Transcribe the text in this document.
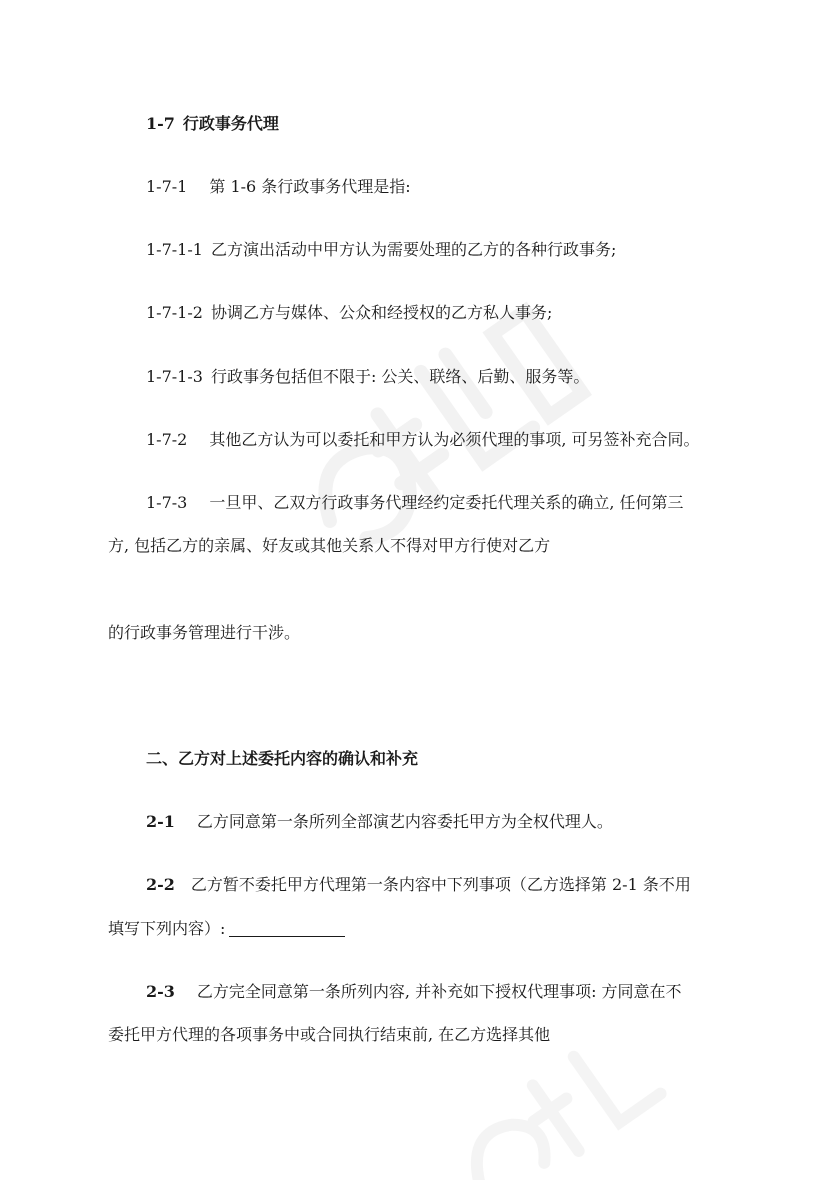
1-7 行政事务代理
1-7-1 第 1-6 条行政事务代理是指:
1-7-1-1 乙方演出活动中甲方认为需要处理的乙方的各种行政事务;
1-7-1-2 协调乙方与媒体、公众和经授权的乙方私人事务;
1-7-1-3 行政事务包括但不限于: 公关、联络、后勤、服务等。
1-7-2 其他乙方认为可以委托和甲方认为必须代理的事项, 可另签补充合同。
1-7-3 一旦甲、乙双方行政事务代理经约定委托代理关系的确立, 任何第三
方, 包括乙方的亲属、好友或其他关系人不得对甲方行使对乙方
的行政事务管理进行干涉。
二、乙方对上述委托内容的确认和补充
2-1 乙方同意第一条所列全部演艺内容委托甲方为全权代理人。
2-2 乙方暂不委托甲方代理第一条内容中下列事项（乙方选择第 2-1 条不用
填写下列内容）:
2-3 乙方完全同意第一条所列内容, 并补充如下授权代理事项: 方同意在不
委托甲方代理的各项事务中或合同执行结束前, 在乙方选择其他
